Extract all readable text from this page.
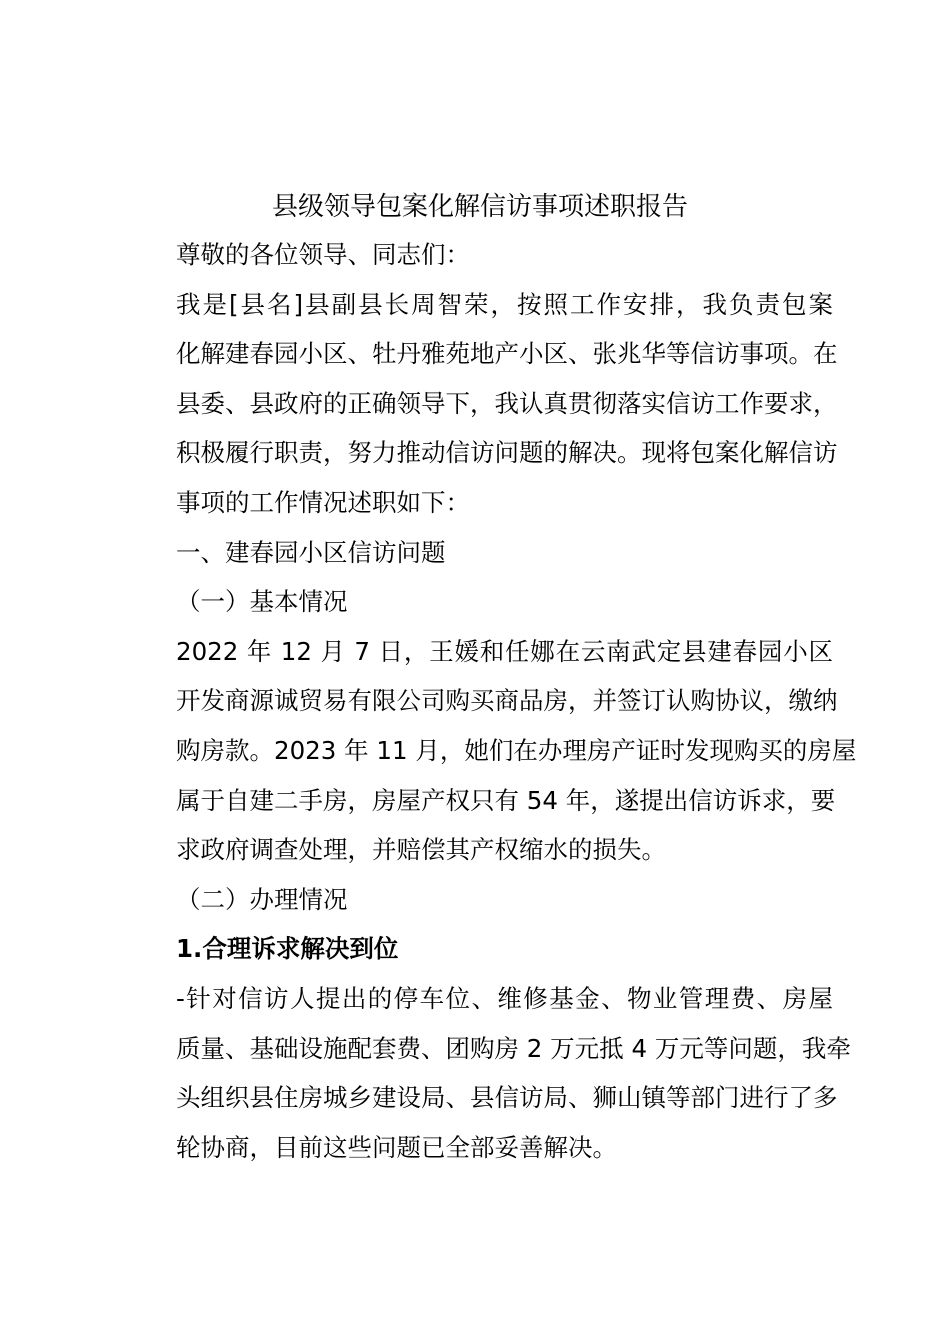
县级领导包案化解信访事项述职报告

尊敬的各位领导、同志们：

我是[县名]县副县长周智荣，按照工作安排，我负责包案
化解建春园小区、牡丹雅苑地产小区、张兆华等信访事项。在
县委、县政府的正确领导下，我认真贯彻落实信访工作要求，
积极履行职责，努力推动信访问题的解决。现将包案化解信访
事项的工作情况述职如下：

一、建春园小区信访问题

（一）基本情况

2022 年 12 月 7 日，王媛和任娜在云南武定县建春园小区
开发商源诚贸易有限公司购买商品房，并签订认购协议，缴纳
购房款。2023 年 11 月，她们在办理房产证时发现购买的房屋
属于自建二手房，房屋产权只有 54 年，遂提出信访诉求，要
求政府调查处理，并赔偿其产权缩水的损失。

（二）办理情况

1.合理诉求解决到位

-针对信访人提出的停车位、维修基金、物业管理费、房屋
质量、基础设施配套费、团购房 2 万元抵 4 万元等问题，我牵
头组织县住房城乡建设局、县信访局、狮山镇等部门进行了多
轮协商，目前这些问题已全部妥善解决。
